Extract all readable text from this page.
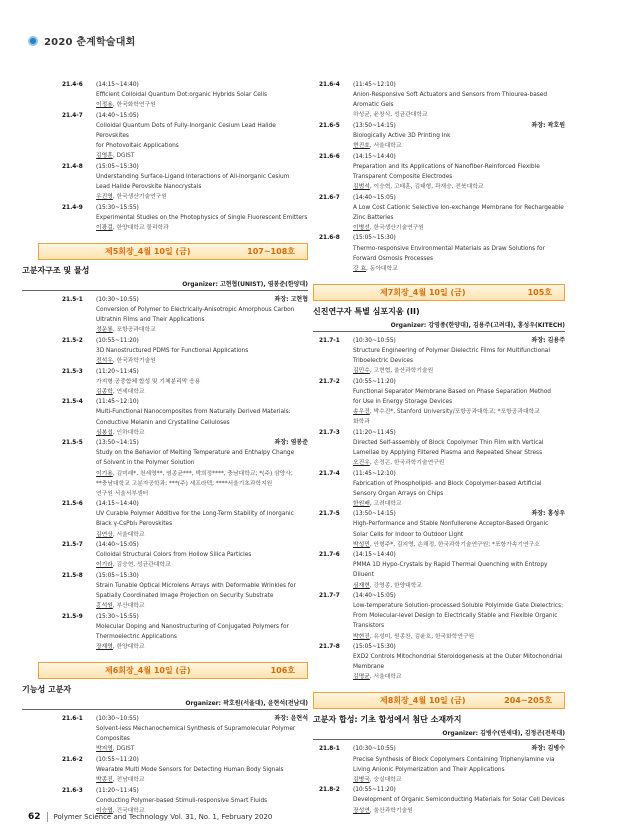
2020 춘계학술대회
21.4-6	(14:15~14:40)
Efficient Colloidal Quantum Dot:organic Hybrids Solar Cells
이정용, 한국화학연구원
21.4-7	(14:40~15:05)
Colloidal Quantum Dots of Fully-Inorganic Cesium Lead Halide Perovskites
for Photovoltaic Applications
김영훈, DGIST
21.4-8	(15:05~15:30)
Understanding Surface-Ligand Interactions of All-Inorganic Cesium
Lead Halide Perovskite Nanocrystals
우진영, 한국생산기술연구원
21.4-9	(15:30~15:55)
Experimental Studies on the Photophysics of Single Fluorescent Emitters
이광걸, 한양대학교 물리학과
제5회장_4월 10일 (금)	107~108호
고분자구조 및 물성
Organizer: 고현협(UNIST), 염봉준(한양대)
21.5-1	(10:30~10:55)	좌장: 고현협
Conversion of Polymer to Electrically-Anisotropic Amorphous Carbon
Ultrathin Films and Their Applications
정운룡, 포항공과대학교
21.5-2	(10:55~11:20)
3D Nanostructured PDMS for Functional Applications
전석우, 한국과학기술원
21.5-3	(11:20~11:45)
가지형 공중합체 합성 및 기체분리막 응용
김종학, 연세대학교
21.5-4	(11:45~12:10)
Multi-Functional Nanocomposites from Naturally Derived Materials:
Conductive Melanin and Crystalline Celluloses
심봉섭, 인하대학교
21.5-5	(13:50~14:15)	좌장: 염봉준
Study on the Behavior of Melting Temperature and Enthalpy Change
of Solvent in the Polymer Solution
이기용, 김미래*, 천세영**, 염종균***, 박희정****, 충남대학교; *(주) 삼양사;
**충남대학교 고분자공학과; ***(주) 세프라텍; ****서울기초과학지원
연구원 서울서부센터
21.5-6	(14:15~14:40)
UV Curable Polymer Additive for the Long-Term Stability of Inorganic
Black γ-CsPbI₃ Perovskites
김연상, 서울대학교
21.5-7	(14:40~15:05)
Colloidal Structural Colors from Hollow Silica Particles
이기라, 김승현, 성균관대학교
21.5-8	(15:05~15:30)
Strain Tunable Optical Microlens Arrays with Deformable Wrinkles for
Spatially Coordinated Image Projection on Security Substrate
홍석원, 부산대학교
21.5-9	(15:30~15:55)
Molecular Doping and Nanostructuring of Conjugated Polymers for
Thermoelectric Applications
장재영, 한양대학교
제6회장_4월 10일 (금)	106호
기능성 고분자
Organizer: 곽호원(서울대), 윤현석(전남대)
21.6-1	(10:30~10:55)	좌장: 윤현석
Solvent-less Mechanochemical Synthesis of Supramolecular Polymer
Composites
박지영, DGIST
21.6-2	(10:55~11:20)
Wearable Multi Mode Sensors for Detecting Human Body Signals
박종진, 전남대학교
21.6-3	(11:20~11:45)
Conducting Polymer-based Stimuli-responsive Smart Fluids
이승엽, 건국대학교
21.6-4	(11:45~12:10)
Anion-Responsive Soft Actuators and Sensors from Thiourea-based
Aromatic Gels
하성균, 윤창식, 성균관대학교
21.6-5	(13:50~14:15)	좌장: 곽호원
Biologically Active 3D Printing Ink
현진호, 서울대학교
21.6-6	(14:15~14:40)
Preparation and Its Applications of Nanofiber-Reinforced Flexible
Transparent Composite Electrodes
김범석, 이승혁, 고태훈, 김태형, 곽재승, 전북대학교
21.6-7	(14:40~15:05)
A Low Cost Cationic Selective Ion-exchange Membrane for Rechargeable
Zinc Batteries
이병선, 한국생산기술연구원
21.6-8	(15:05~15:30)
Thermo-responsive Environmental Materials as Draw Solutions for
Forward Osmosis Processes
강 효, 동아대학교
제7회장_4월 10일 (금)	105호
신진연구자 특별 심포지움 (II)
Organizer: 강영종(한양대), 김용주(고려대), 홍성우(KITECH)
21.7-1	(10:30~10:55)	좌장: 김용주
Structure Engineering of Polymer Dielectric Films for Multifunctional
Triboelectric Devices
김민수, 고현협, 울산과학기술원
21.7-2	(10:55~11:20)
Functional Separator Membrane Based on Phase Separation Method
for Use in Energy Storage Devices
송우진, 박수진*, Stanford University/포항공과대학교; *포항공과대학교
화학과
21.7-3	(11:20~11:45)
Directed Self-assembly of Block Copolymer Thin Film with Vertical
Lamellae by Applying Filtered Plasma and Repeated Shear Stress
오진우, 손정곤, 한국과학기술연구원
21.7-4	(11:45~12:10)
Fabrication of Phospholipid- and Block Copolymer-based Artificial
Sensory Organ Arrays on Chips
한원배, 고려대학교
21.7-5	(13:50~14:15)	좌장: 홍성우
High-Performance and Stable Nonfullerene Acceptor-Based Organic
Solar Cells for Indoor to Outdoor Light
박성민, 안형주*, 김지영, 손해정, 한국과학기술연구원; *포항가속기연구소
21.7-6	(14:15~14:40)
PMMA 1D Hypo-Crystals by Rapid Thermal Quenching with Entropy
Diluent
심재현, 강영종, 한양대학교
21.7-7	(14:40~15:05)
Low-temperature Solution-processed Soluble Polyimide Gate Dielectrics:
From Molecular-level Design to Electrically Stable and Flexible Organic
Transistors
박현진, 유성미, 원종찬, 김윤호, 한국화학연구원
21.7-8	(15:05~15:30)
EXD2 Controls Mitochondrial Steroidogenesis at the Outer Mitochondrial
Membrane
김명균, 서울대학교
제8회장_4월 10일 (금)	204~205호
고분자 합성: 기초 합성에서 첨단 소재까지
Organizer: 김병수(연세대), 김정곤(전북대)
21.8-1	(10:30~10:55)	좌장: 김병수
Precise Synthesis of Block Copolymers Containing Triphenylamine via
Living Anionic Polymerization and Their Applications
김병국, 숭실대학교
21.8-2	(10:55~11:20)
Development of Organic Semiconducting Materials for Solar Cell Devices
장성연, 울산과학기술원
62 Polymer Science and Technology Vol. 31, No. 1, February 2020
